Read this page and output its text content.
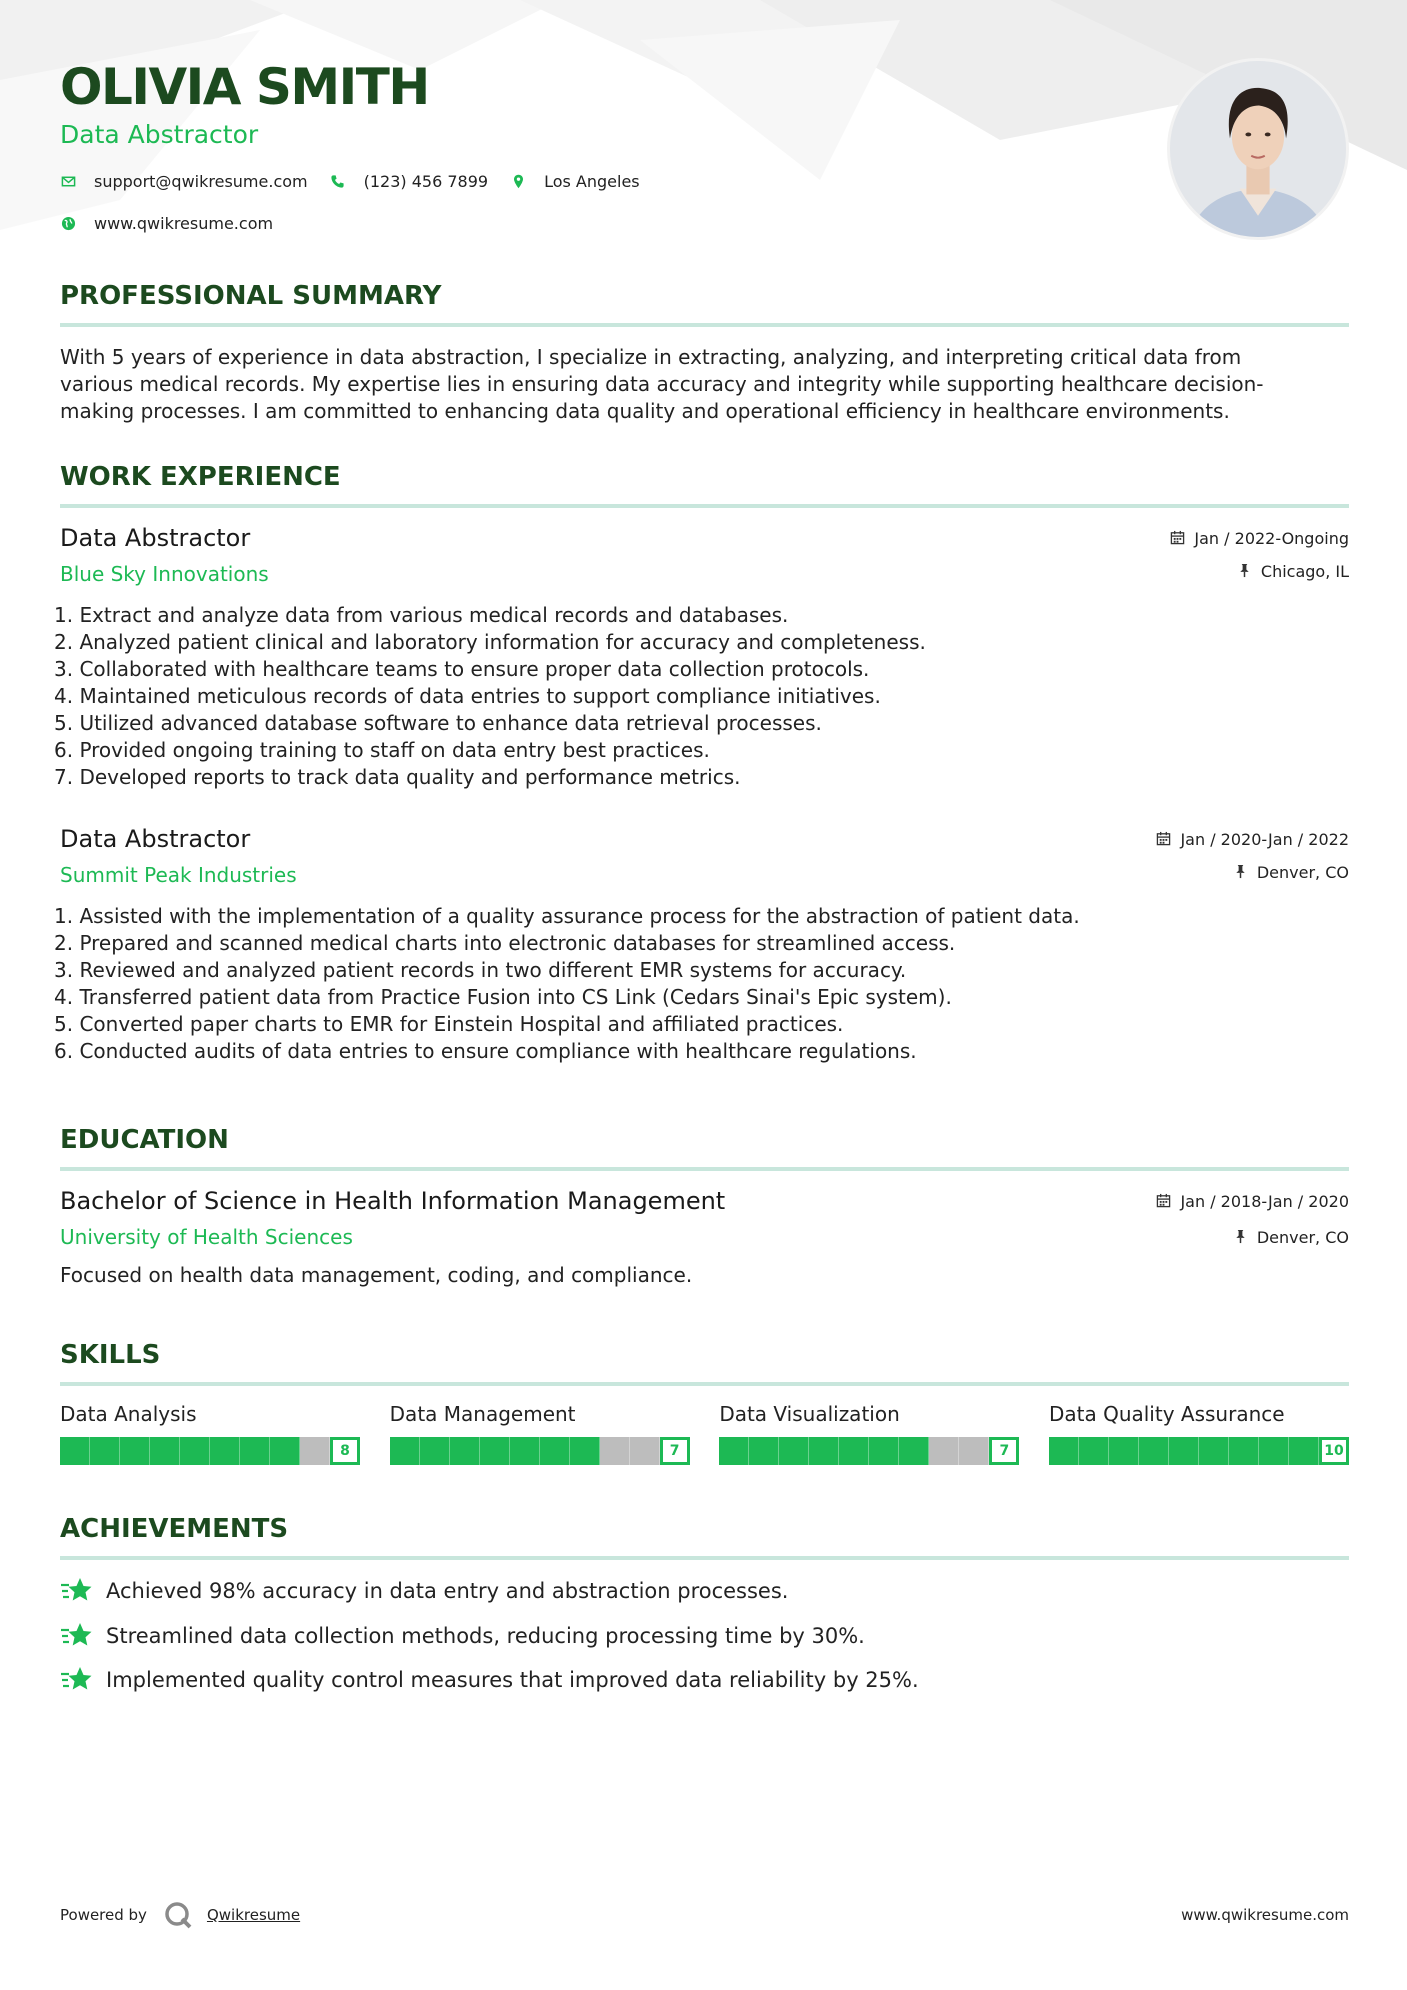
OLIVIA SMITH
Data Abstractor
support@qwikresume.com	(123) 456 7899	Los Angeles
www.qwikresume.com
PROFESSIONAL SUMMARY
With 5 years of experience in data abstraction, I specialize in extracting, analyzing, and interpreting critical data from
various medical records. My expertise lies in ensuring data accuracy and integrity while supporting healthcare decision-
making processes. I am committed to enhancing data quality and operational efficiency in healthcare environments.
WORK EXPERIENCE
Data Abstractor
Blue Sky Innovations
Jan / 2022-Ongoing
Chicago, IL
1. Extract and analyze data from various medical records and databases.
2. Analyzed patient clinical and laboratory information for accuracy and completeness.
3. Collaborated with healthcare teams to ensure proper data collection protocols.
4. Maintained meticulous records of data entries to support compliance initiatives.
5. Utilized advanced database software to enhance data retrieval processes.
6. Provided ongoing training to staff on data entry best practices.
7. Developed reports to track data quality and performance metrics.
Data Abstractor
Summit Peak Industries
Jan / 2020-Jan / 2022
Denver, CO
1. Assisted with the implementation of a quality assurance process for the abstraction of patient data.
2. Prepared and scanned medical charts into electronic databases for streamlined access.
3. Reviewed and analyzed patient records in two different EMR systems for accuracy.
4. Transferred patient data from Practice Fusion into CS Link (Cedars Sinai's Epic system).
5. Converted paper charts to EMR for Einstein Hospital and affiliated practices.
6. Conducted audits of data entries to ensure compliance with healthcare regulations.
EDUCATION
Bachelor of Science in Health Information Management
University of Health Sciences
Jan / 2018-Jan / 2020
Denver, CO
Focused on health data management, coding, and compliance.
SKILLS
Data Analysis
8
Data Management
7
Data Visualization
7
Data Quality Assurance
10
ACHIEVEMENTS
Achieved 98% accuracy in data entry and abstraction processes.
Streamlined data collection methods, reducing processing time by 30%.
Implemented quality control measures that improved data reliability by 25%.
Powered by	Qwikresume	www.qwikresume.com
